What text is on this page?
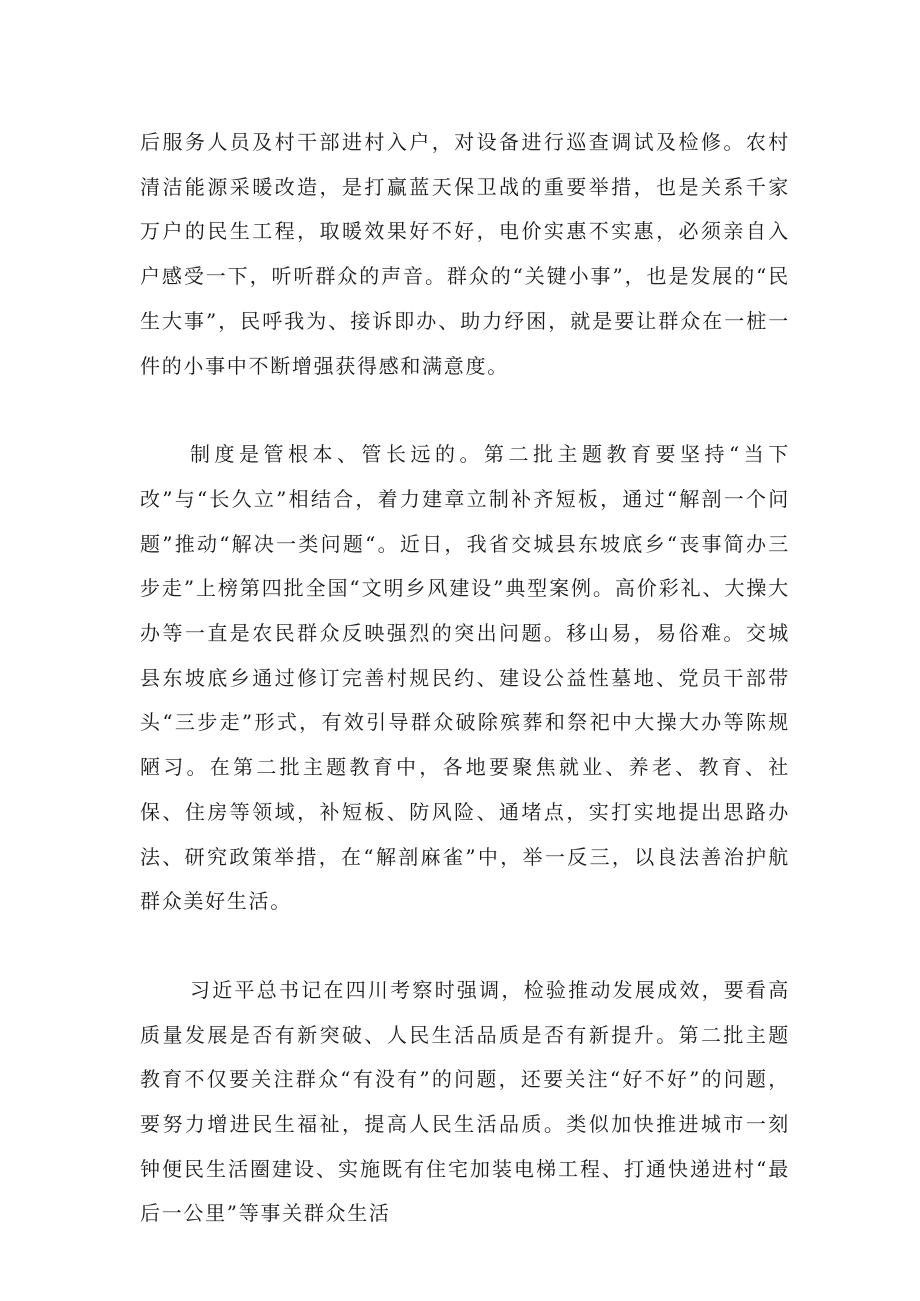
后服务人员及村干部进村入户，对设备进行巡查调试及检修。农村清洁能源采暖改造，是打赢蓝天保卫战的重要举措，也是关系千家万户的民生工程，取暖效果好不好，电价实惠不实惠，必须亲自入户感受一下，听听群众的声音。群众的“关键小事”，也是发展的“民生大事”，民呼我为、接诉即办、助力纾困，就是要让群众在一桩一件的小事中不断增强获得感和满意度。

制度是管根本、管长远的。第二批主题教育要坚持“当下改”与“长久立”相结合，着力建章立制补齐短板，通过“解剖一个问题”推动“解决一类问题“。近日，我省交城县东坡底乡“丧事简办三步走”上榜第四批全国“文明乡风建设”典型案例。高价彩礼、大操大办等一直是农民群众反映强烈的突出问题。移山易，易俗难。交城县东坡底乡通过修订完善村规民约、建设公益性墓地、党员干部带头“三步走”形式，有效引导群众破除殡葬和祭祀中大操大办等陈规陋习。在第二批主题教育中，各地要聚焦就业、养老、教育、社保、住房等领域，补短板、防风险、通堵点，实打实地提出思路办法、研究政策举措，在“解剖麻雀”中，举一反三，以良法善治护航群众美好生活。

习近平总书记在四川考察时强调，检验推动发展成效，要看高质量发展是否有新突破、人民生活品质是否有新提升。第二批主题教育不仅要关注群众“有没有”的问题，还要关注“好不好”的问题，要努力增进民生福祉，提高人民生活品质。类似加快推进城市一刻钟便民生活圈建设、实施既有住宅加装电梯工程、打通快递进村“最后一公里”等事关群众生活
